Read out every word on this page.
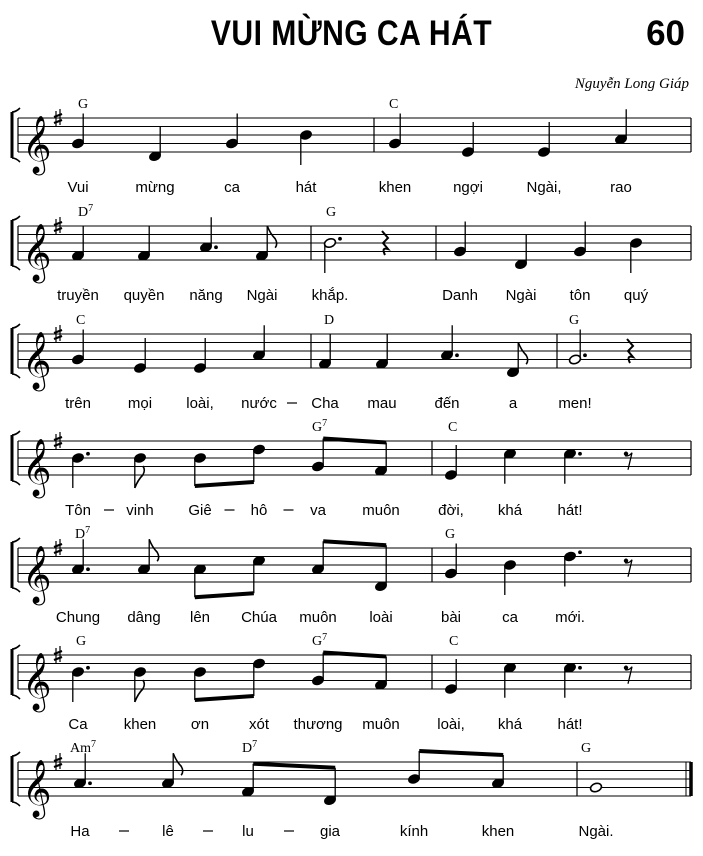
VUI MỪNG CA HÁT	60
Nguyễn Long Giáp
𝄞
G
Vui	mừng	ca	hát
C
khen	ngợi	Ngài,	rao
𝄞
$D^7$
truyền quyền năng Ngài
G
khắp.	Danh Ngài tôn quý
𝄞
C
trên mọi loài, nước
D
Cha mau	đến	a
G
men!
𝄞
Tôn vinh Giê	hô
$G^7$
va muôn
C
đời, khá hát!
𝄞
$D^7$
Chung dâng lên Chúa muôn loài
G
bài	ca mới.
𝄞
G
Ca khen ơn	xót
$G^7$
thương muôn
C
loài, khá hát!
𝄞
Am$^7$
Ha	lê
$D^7$
lu	gia	kính	khen
G
Ngài.
